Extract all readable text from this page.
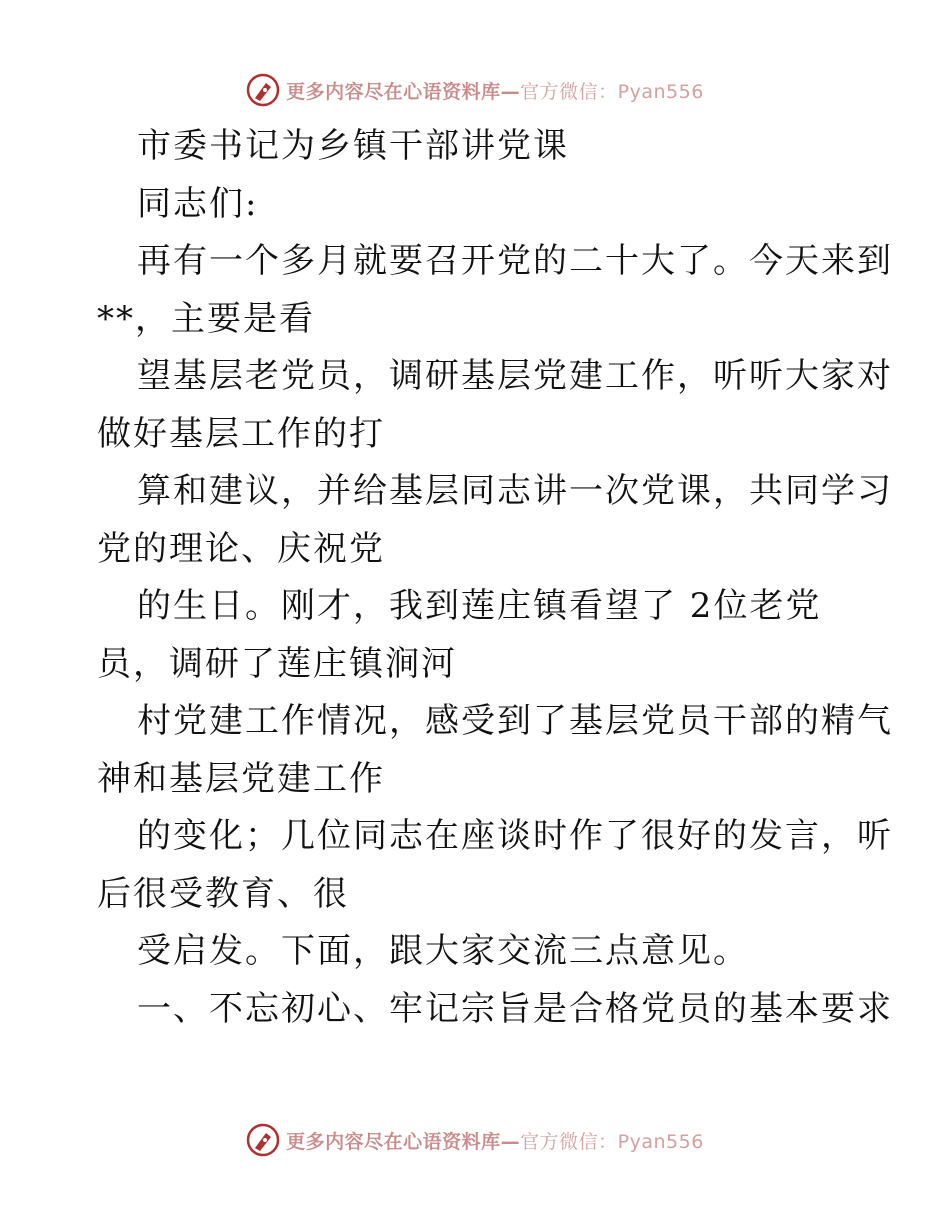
更多内容尽在心语资料库—官方微信：Pyan556
市委书记为乡镇干部讲党课
同志们:
再有一个多月就要召开党的二十大了。今天来到
**，主要是看
望基层老党员，调研基层党建工作，听听大家对
做好基层工作的打
算和建议，并给基层同志讲一次党课，共同学习
党的理论、庆祝党
的生日。刚才，我到莲庄镇看望了 2位老党
员，调研了莲庄镇涧河
村党建工作情况，感受到了基层党员干部的精气
神和基层党建工作
的变化；几位同志在座谈时作了很好的发言，听
后很受教育、很
受启发。下面，跟大家交流三点意见。
一、不忘初心、牢记宗旨是合格党员的基本要求
更多内容尽在心语资料库—官方微信：Pyan556
